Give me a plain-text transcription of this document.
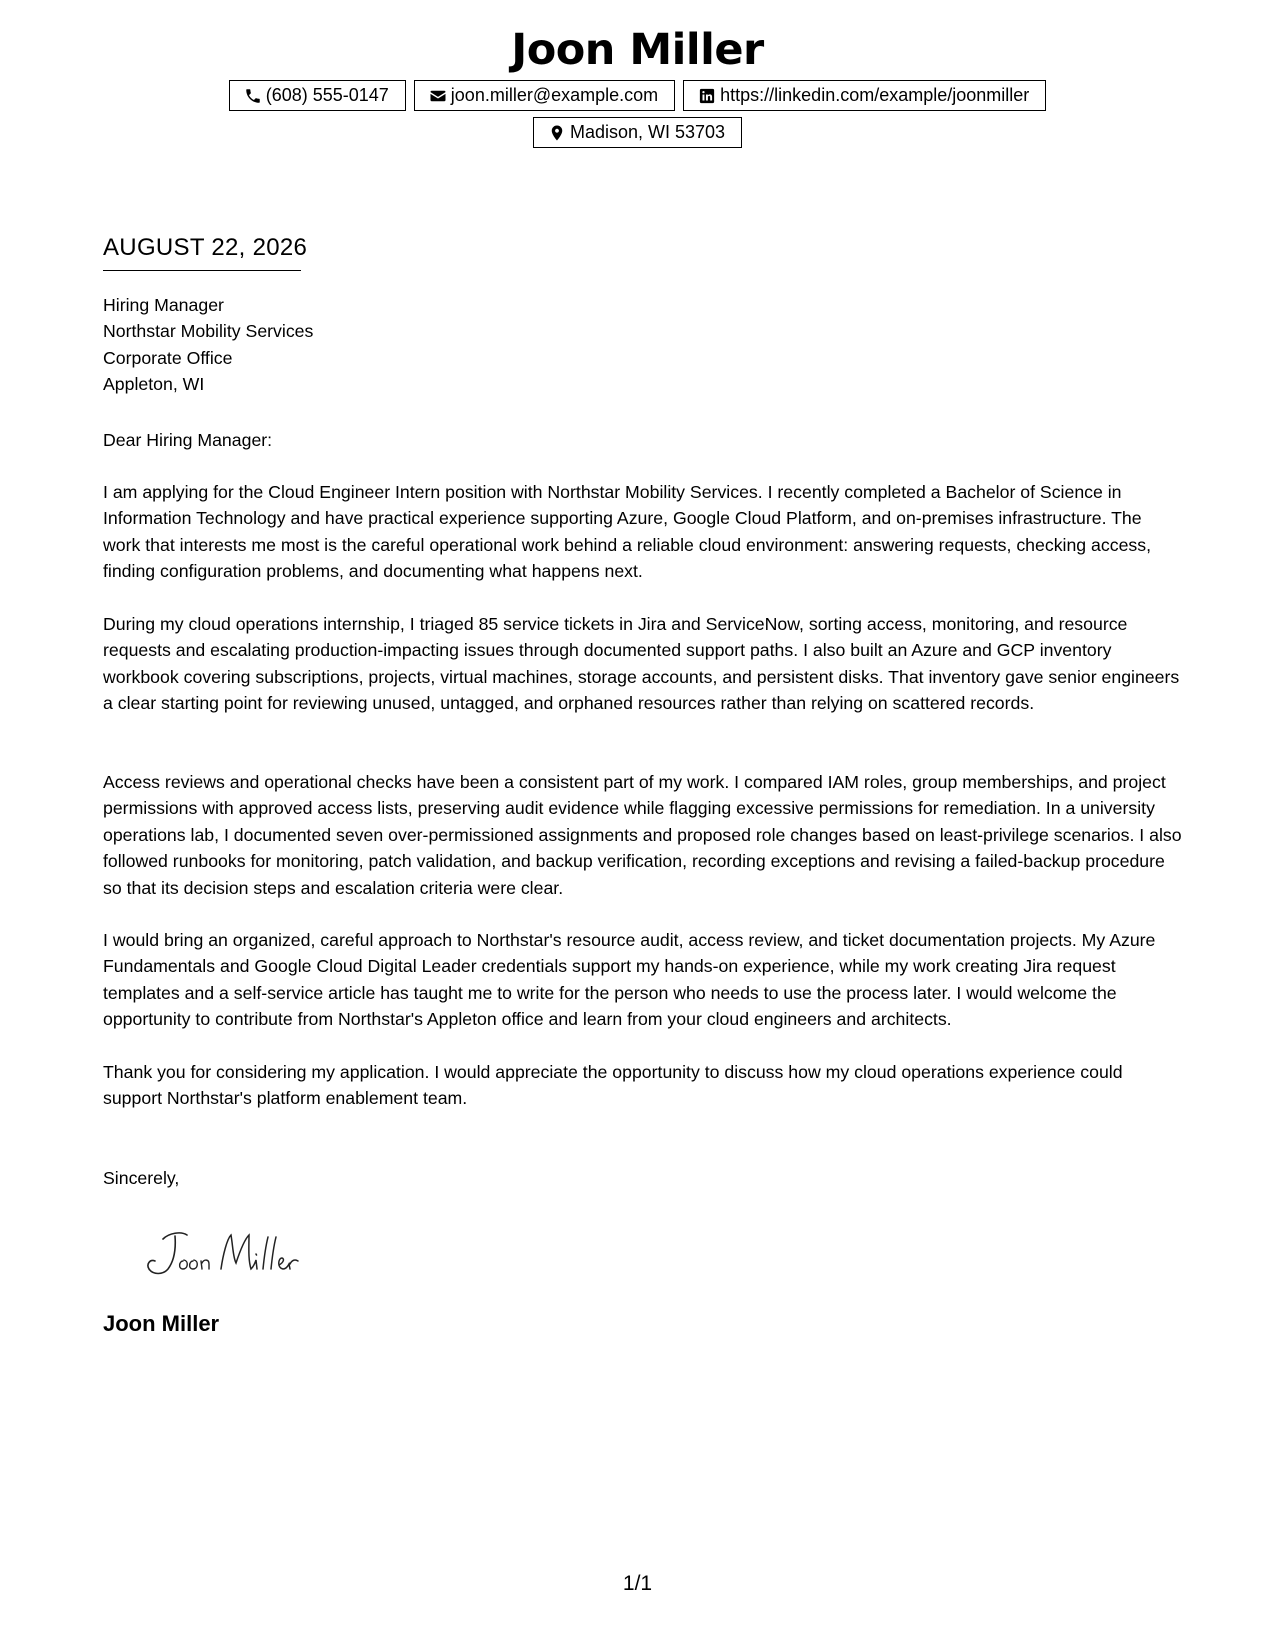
Joon Miller
(608) 555-0147	joon.miller@example.com	https://linkedin.com/example/joonmiller
Madison, WI 53703
AUGUST 22, 2026

Hiring Manager

Northstar Mobility Services

Corporate Office

Appleton, WI

Dear Hiring Manager:
I am applying for the Cloud Engineer Intern position with Northstar Mobility Services. I recently completed a Bachelor of Science in Information Technology and have practical experience supporting Azure, Google Cloud Platform, and on-premises infrastructure. The work that interests me most is the careful operational work behind a reliable cloud environment: answering requests, checking access, finding configuration problems, and documenting what happens next.
During my cloud operations internship, I triaged 85 service tickets in Jira and ServiceNow, sorting access, monitoring, and resource requests and escalating production-impacting issues through documented support paths. I also built an Azure and GCP inventory workbook covering subscriptions, projects, virtual machines, storage accounts, and persistent disks. That inventory gave senior engineers a clear starting point for reviewing unused, untagged, and orphaned resources rather than relying on scattered records.
Access reviews and operational checks have been a consistent part of my work. I compared IAM roles, group memberships, and project permissions with approved access lists, preserving audit evidence while flagging excessive permissions for remediation. In a university operations lab, I documented seven over-permissioned assignments and proposed role changes based on least-privilege scenarios. I also followed runbooks for monitoring, patch validation, and backup verification, recording exceptions and revising a failed-backup procedure so that its decision steps and escalation criteria were clear.
I would bring an organized, careful approach to Northstar's resource audit, access review, and ticket documentation projects. My Azure Fundamentals and Google Cloud Digital Leader credentials support my hands-on experience, while my work creating Jira request templates and a self-service article has taught me to write for the person who needs to use the process later. I would welcome the opportunity to contribute from Northstar's Appleton office and learn from your cloud engineers and architects.
Thank you for considering my application. I would appreciate the opportunity to discuss how my cloud operations experience could support Northstar's platform enablement team.
Sincerely,
Joon Miller
1/1
